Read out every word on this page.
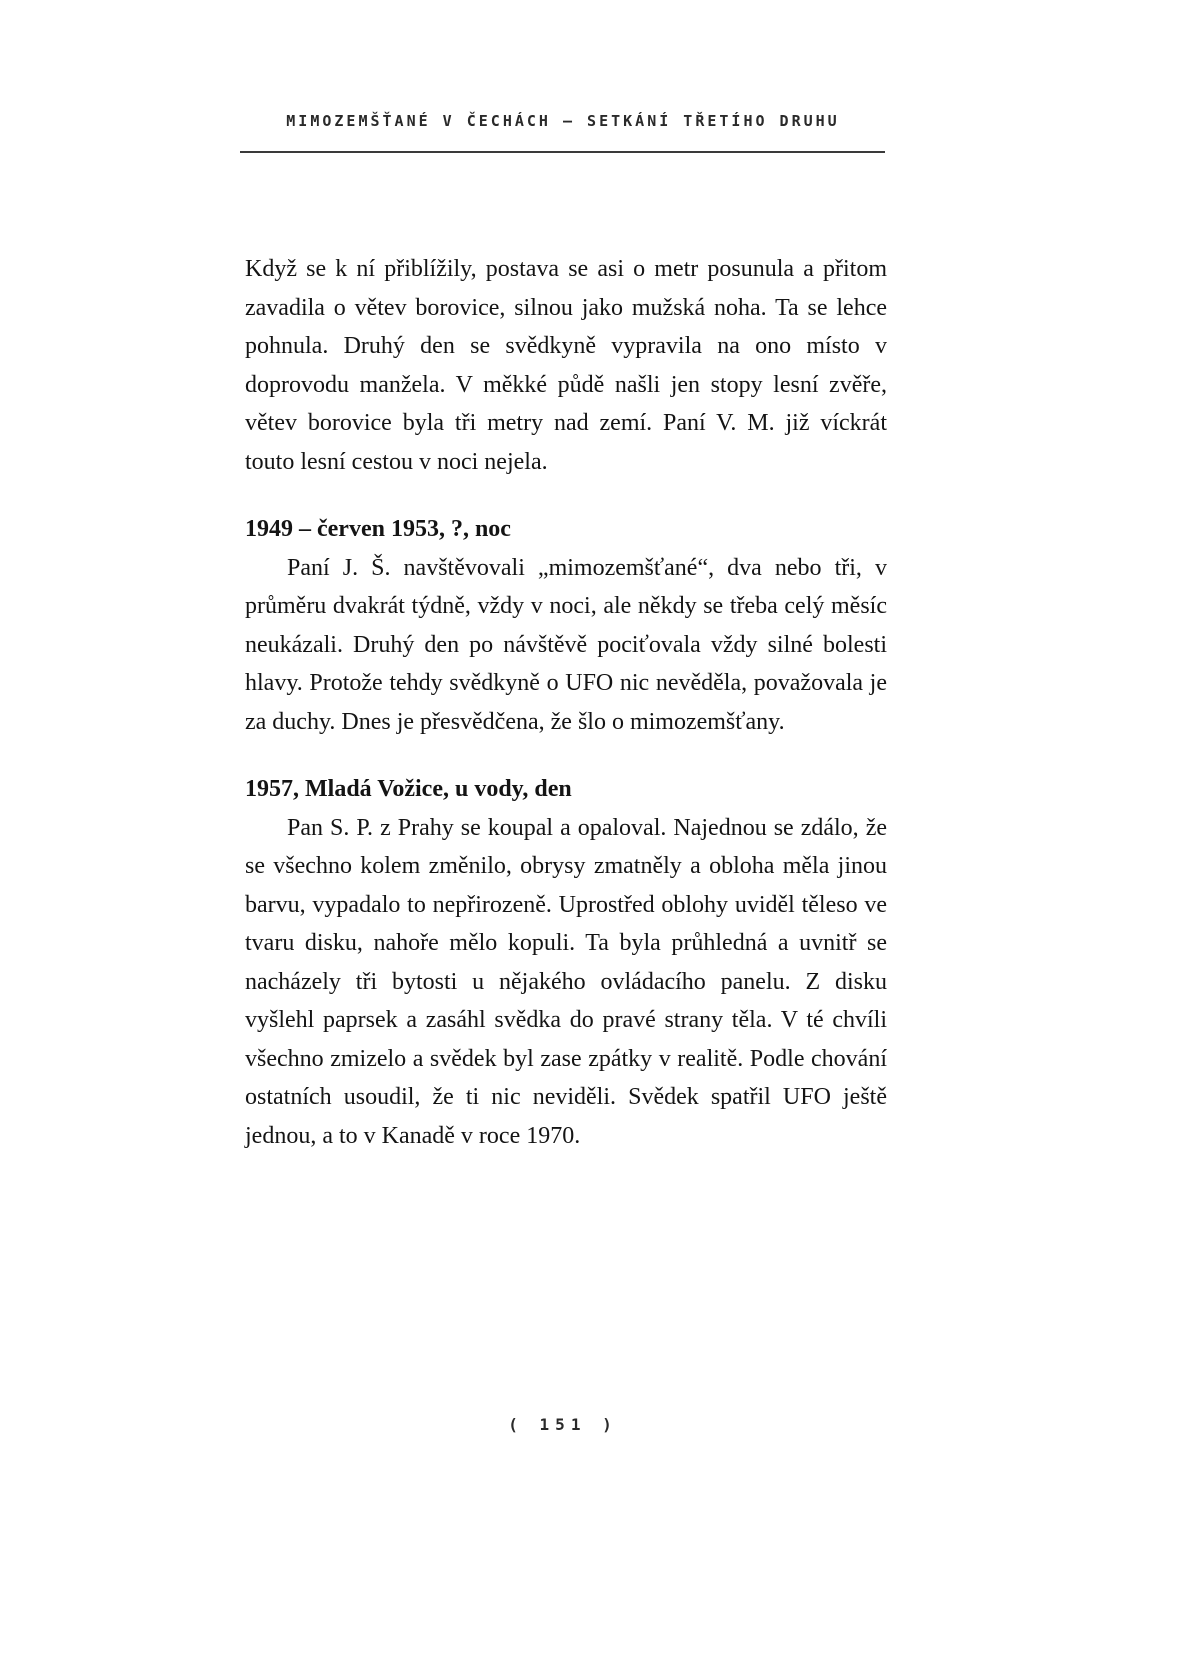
MIMOZEMŠŤANÉ V ČECHÁCH – SETKÁNÍ TŘETÍHO DRUHU

Když se k ní přiblížily, postava se asi o metr posunula a přitom zavadila o větev borovice, silnou jako mužská noha. Ta se lehce pohnula. Druhý den se svědkyně vypravila na ono místo v doprovodu manžela. V měkké půdě našli jen stopy lesní zvěře, větev borovice byla tři metry nad zemí. Paní V. M. již víckrát touto lesní cestou v noci nejela.

1949 – červen 1953, ?, noc

Paní J. Š. navštěvovali „mimozemšťané“, dva nebo tři, v průměru dvakrát týdně, vždy v noci, ale někdy se třeba celý měsíc neukázali. Druhý den po návštěvě pociťovala vždy silné bolesti hlavy. Protože tehdy svědkyně o UFO nic nevěděla, považovala je za duchy. Dnes je přesvědčena, že šlo o mimozemšťany.

1957, Mladá Vožice, u vody, den

Pan S. P. z Prahy se koupal a opaloval. Najednou se zdálo, že se všechno kolem změnilo, obrysy zmatněly a obloha měla jinou barvu, vypadalo to nepřirozeně. Uprostřed oblohy uviděl těleso ve tvaru disku, nahoře mělo kopuli. Ta byla průhledná a uvnitř se nacházely tři bytosti u nějakého ovládacího panelu. Z disku vyšlehl paprsek a zasáhl svědka do pravé strany těla. V té chvíli všechno zmizelo a svědek byl zase zpátky v realitě. Podle chování ostatních usoudil, že ti nic neviděli. Svědek spatřil UFO ještě jednou, a to v Kanadě v roce 1970.

( 151 )
